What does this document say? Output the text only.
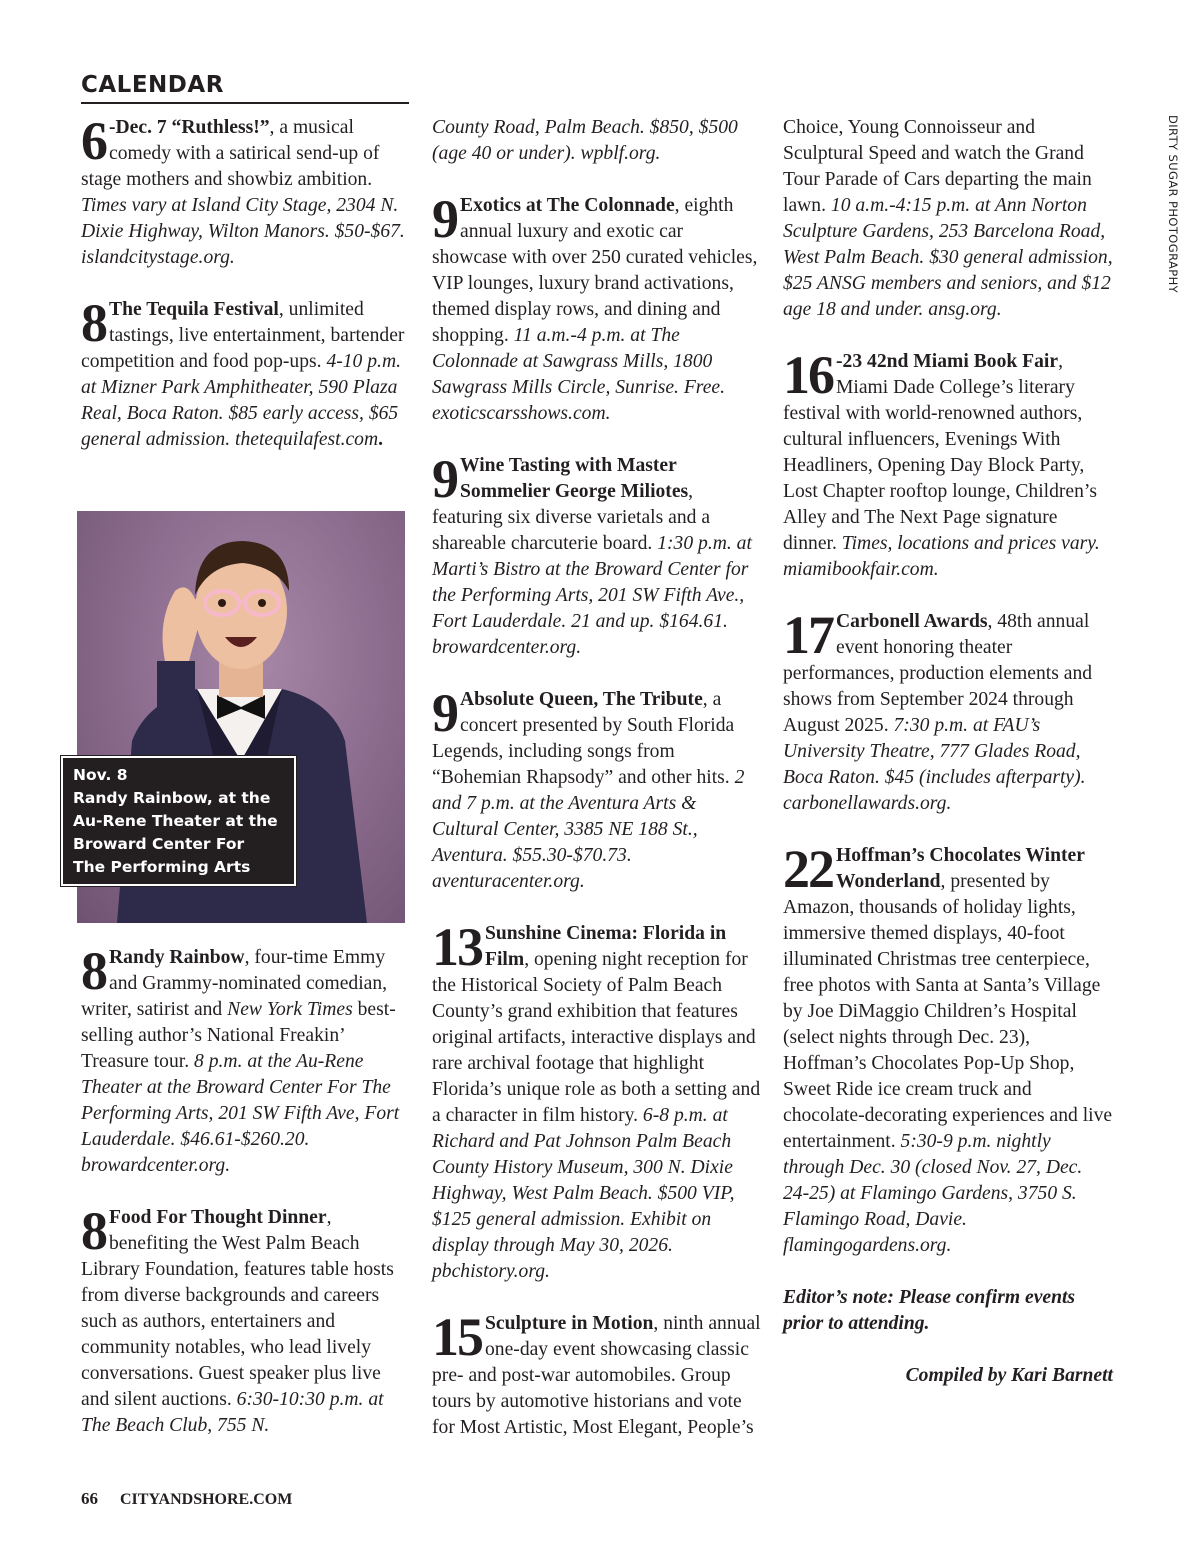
CALENDAR
DIRTY SUGAR PHOTOGRAPHY
6 -Dec. 7 “Ruthless!”, a musical comedy with a satirical send-up of stage mothers and showbiz ambition. Times vary at Island City Stage, 2304 N. Dixie Highway, Wilton Manors. $50-$67. islandcitystage.org.

8 The Tequila Festival, unlimited tastings, live entertainment, bartender competition and food pop-ups. 4-10 p.m. at Mizner Park Amphitheater, 590 Plaza Real, Boca Raton. $85 early access, $65 general admission. thetequilafest.com.

Nov. 8
Randy Rainbow, at the
Au-Rene Theater at the
Broward Center For
The Performing Arts
8 Randy Rainbow, four-time Emmy and Grammy-nominated comedian, writer, satirist and New York Times best-selling author’s National Freakin’ Treasure tour. 8 p.m. at the Au-Rene Theater at the Broward Center For The Performing Arts, 201 SW Fifth Ave, Fort Lauderdale. $46.61-$260.20. browardcenter.org.

8 Food For Thought Dinner, benefiting the West Palm Beach Library Foundation, features table hosts from diverse backgrounds and careers such as authors, entertainers and community notables, who lead lively conversations. Guest speaker plus live and silent auctions. 6:30-10:30 p.m. at The Beach Club, 755 N.

County Road, Palm Beach. $850, $500 (age 40 or under). wpblf.org.

9 Exotics at The Colonnade, eighth annual luxury and exotic car showcase with over 250 curated vehicles, VIP lounges, luxury brand activations, themed display rows, and dining and shopping. 11 a.m.-4 p.m. at The Colonnade at Sawgrass Mills, 1800 Sawgrass Mills Circle, Sunrise. Free. exoticscarsshows.com.

9 Wine Tasting with Master Sommelier George Miliotes, featuring six diverse varietals and a shareable charcuterie board. 1:30 p.m. at Marti’s Bistro at the Broward Center for the Performing Arts, 201 SW Fifth Ave., Fort Lauderdale. 21 and up. $164.61. browardcenter.org.

9 Absolute Queen, The Tribute, a concert presented by South Florida Legends, including songs from “Bohemian Rhapsody” and other hits. 2 and 7 p.m. at the Aventura Arts & Cultural Center, 3385 NE 188 St., Aventura. $55.30-$70.73. aventuracenter.org.

13 Sunshine Cinema: Florida in Film, opening night reception for the Historical Society of Palm Beach County’s grand exhibition that features original artifacts, interactive displays and rare archival footage that highlight Florida’s unique role as both a setting and a character in film history. 6-8 p.m. at Richard and Pat Johnson Palm Beach County History Museum, 300 N. Dixie Highway, West Palm Beach. $500 VIP, $125 general admission. Exhibit on display through May 30, 2026. pbchistory.org.

15 Sculpture in Motion, ninth annual one-day event showcasing classic pre- and post-war automobiles. Group tours by automotive historians and vote for Most Artistic, Most Elegant, People’s

Choice, Young Connoisseur and Sculptural Speed and watch the Grand Tour Parade of Cars departing the main lawn. 10 a.m.-4:15 p.m. at Ann Norton Sculpture Gardens, 253 Barcelona Road, West Palm Beach. $30 general admission, $25 ANSG members and seniors, and $12 age 18 and under. ansg.org.

16 -23 42nd Miami Book Fair, Miami Dade College’s literary festival with world-renowned authors, cultural influencers, Evenings With Headliners, Opening Day Block Party, Lost Chapter rooftop lounge, Children’s Alley and The Next Page signature dinner. Times, locations and prices vary. miamibookfair.com.

17 Carbonell Awards, 48th annual event honoring theater performances, production elements and shows from September 2024 through August 2025. 7:30 p.m. at FAU’s University Theatre, 777 Glades Road, Boca Raton. $45 (includes afterparty). carbonellawards.org.

22 Hoffman’s Chocolates Winter Wonderland, presented by Amazon, thousands of holiday lights, immersive themed displays, 40-foot illuminated Christmas tree centerpiece, free photos with Santa at Santa’s Village by Joe DiMaggio Children’s Hospital (select nights through Dec. 23), Hoffman’s Chocolates Pop-Up Shop, Sweet Ride ice cream truck and chocolate-decorating experiences and live entertainment. 5:30-9 p.m. nightly through Dec. 30 (closed Nov. 27, Dec. 24-25) at Flamingo Gardens, 3750 S. Flamingo Road, Davie. flamingogardens.org.

Editor’s note: Please confirm events prior to attending.

Compiled by Kari Barnett

66 CITYANDSHORE.COM
